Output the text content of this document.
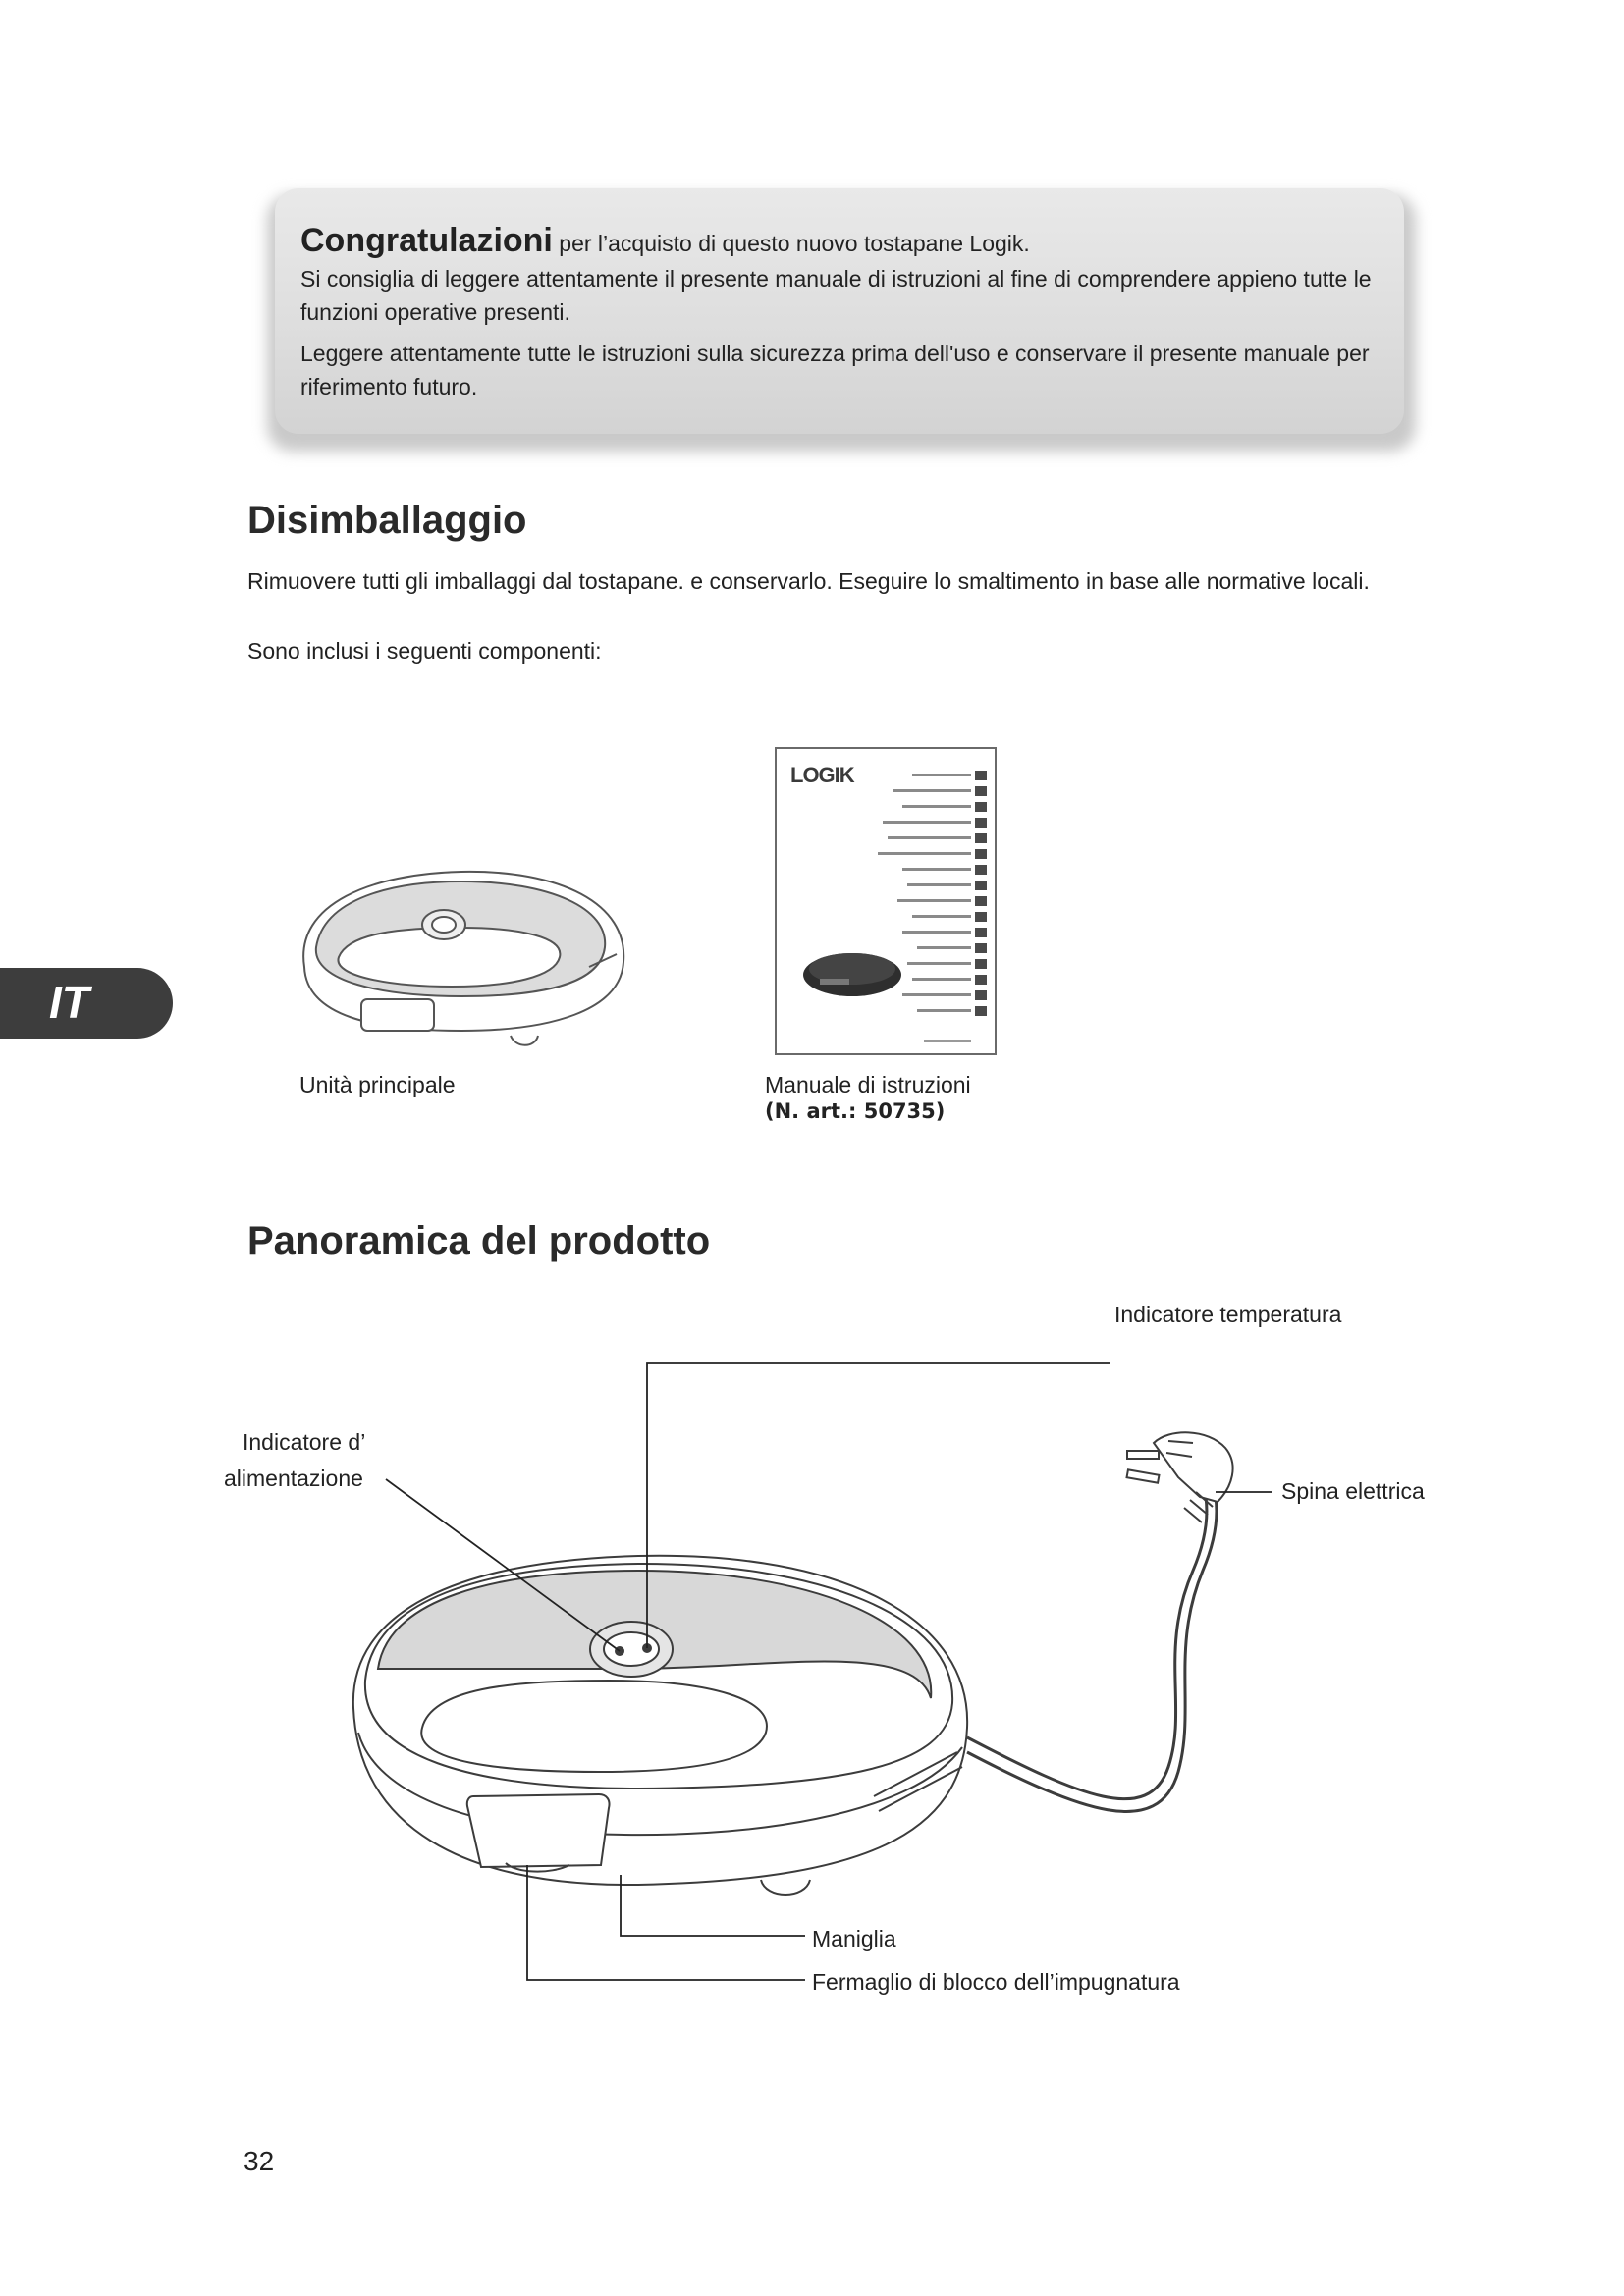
Congratulazioni per l’acquisto di questo nuovo tostapane Logik.

Si consiglia di leggere attentamente il presente manuale di istruzioni al fine di comprendere appieno tutte le funzioni operative presenti.

Leggere attentamente tutte le istruzioni sulla sicurezza prima dell'uso e conservare il presente manuale per riferimento futuro.

Disimballaggio

Rimuovere tutti gli imballaggi dal tostapane. e conservarlo. Eseguire lo smaltimento in base alle normative locali.

Sono inclusi i seguenti componenti:

IT

Unità principale

LOGIK

Manuale di istruzioni

(N. art.: 50735)

Panoramica del prodotto

Indicatore temperatura

Indicatore d’

alimentazione	Spina elettrica

Maniglia

Fermaglio di blocco dell’impugnatura

32
